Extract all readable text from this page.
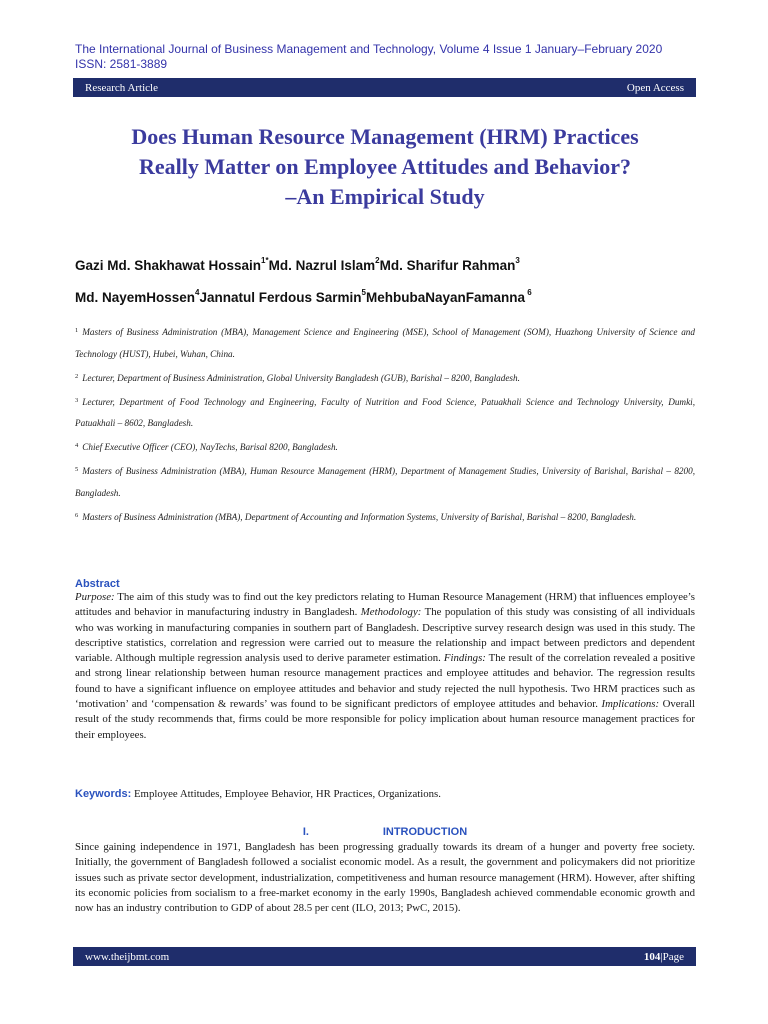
The International Journal of Business Management and Technology, Volume 4 Issue 1 January–February 2020
ISSN: 2581-3889
Research Article	Open Access
Does Human Resource Management (HRM) Practices
Really Matter on Employee Attitudes and Behavior?
–An Empirical Study
Gazi Md. Shakhawat Hossain$^{1*}$Md. Nazrul Islam$^2$Md. Sharifur Rahman$^3$
Md. NayemHossen$^4$Jannatul Ferdous Sarmin$^5$MehbubaNayanFamanna $^6$
$^1$ Masters of Business Administration (MBA), Management Science and Engineering (MSE), School of Management (SOM), Huazhong University of Science and Technology (HUST), Hubei, Wuhan, China.
$^2$ Lecturer, Department of Business Administration, Global University Bangladesh (GUB), Barishal – 8200, Bangladesh.
$^3$ Lecturer, Department of Food Technology and Engineering, Faculty of Nutrition and Food Science, Patuakhali Science and Technology University, Dumki, Patuakhali – 8602, Bangladesh.
$^4$ Chief Executive Officer (CEO), NayTechs, Barisal 8200, Bangladesh.
$^5$ Masters of Business Administration (MBA), Human Resource Management (HRM), Department of Management Studies, University of Barishal, Barishal – 8200, Bangladesh.
$^6$ Masters of Business Administration (MBA), Department of Accounting and Information Systems, University of Barishal, Barishal – 8200, Bangladesh.
Abstract
Purpose: The aim of this study was to find out the key predictors relating to Human Resource Management (HRM) that influences employee’s attitudes and behavior in manufacturing industry in Bangladesh. Methodology: The population of this study was consisting of all individuals who was working in manufacturing companies in southern part of Bangladesh. Descriptive survey research design was used in this study. The descriptive statistics, correlation and regression were carried out to measure the relationship and impact between predictors and dependent variable. Although multiple regression analysis used to derive parameter estimation. Findings: The result of the correlation revealed a positive and strong linear relationship between human resource management practices and employee attitudes and behavior. The regression results found to have a significant influence on employee attitudes and behavior and study rejected the null hypothesis. Two HRM practices such as ‘motivation’ and ‘compensation & rewards’ was found to be significant predictors of employee attitudes and behavior. Implications: Overall result of the study recommends that, firms could be more responsible for policy implication about human resource management practices for their employees.
Keywords: Employee Attitudes, Employee Behavior, HR Practices, Organizations.
I.	INTRODUCTION
Since gaining independence in 1971, Bangladesh has been progressing gradually towards its dream of a hunger and poverty free society. Initially, the government of Bangladesh followed a socialist economic model. As a result, the government and policymakers did not prioritize issues such as private sector development, industrialization, competitiveness and human resource management (HRM). However, after shifting its economic policies from socialism to a free-market economy in the early 1990s, Bangladesh achieved commendable economic growth and now has an industry contribution to GDP of about 28.5 per cent (ILO, 2013; PwC, 2015).
www.theijbmt.com	104|Page
